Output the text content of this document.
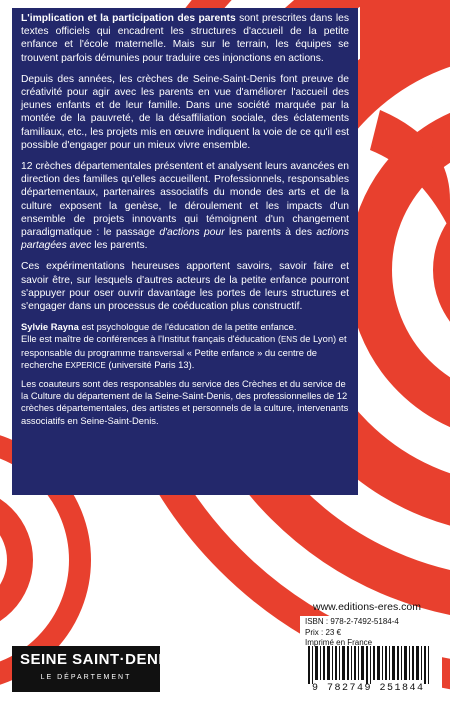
L'implication et la participation des parents sont prescrites dans les textes officiels qui encadrent les structures d'accueil de la petite enfance et l'école maternelle. Mais sur le terrain, les équipes se trouvent parfois démunies pour traduire ces injonctions en actions.

Depuis des années, les crèches de Seine-Saint-Denis font preuve de créativité pour agir avec les parents en vue d'améliorer l'accueil des jeunes enfants et de leur famille. Dans une société marquée par la montée de la pauvreté, de la désaffiliation sociale, des éclatements familiaux, etc., les projets mis en œuvre indiquent la voie de ce qu'il est possible d'engager pour un mieux vivre ensemble.

12 crèches départementales présentent et analysent leurs avancées en direction des familles qu'elles accueillent. Professionnels, responsables départementaux, partenaires associatifs du monde des arts et de la culture exposent la genèse, le déroulement et les impacts d'un ensemble de projets innovants qui témoignent d'un changement paradigmatique : le passage d'actions pour les parents à des actions partagées avec les parents.

Ces expérimentations heureuses apportent savoirs, savoir faire et savoir être, sur lesquels d'autres acteurs de la petite enfance pourront s'appuyer pour oser ouvrir davantage les portes de leurs structures et s'engager dans un processus de coéducation plus constructif.

Sylvie Rayna est psychologue de l'éducation de la petite enfance.
Elle est maître de conférences à l'Institut français d'éducation (ENS de Lyon) et responsable du programme transversal « Petite enfance » du centre de recherche EXPERICE (université Paris 13).

Les coauteurs sont des responsables du service des Crèches et du service de la Culture du département de la Seine-Saint-Denis, des professionnelles de 12 crèches départementales, des artistes et personnels de la culture, intervenants associatifs en Seine-Saint-Denis.

www.editions-eres.com
ISBN : 978-2-7492-5184-4
Prix : 23 €
Imprimé en France
9 782749 251844
SEINE SAINT·DENIS
LE DÉPARTEMENT
